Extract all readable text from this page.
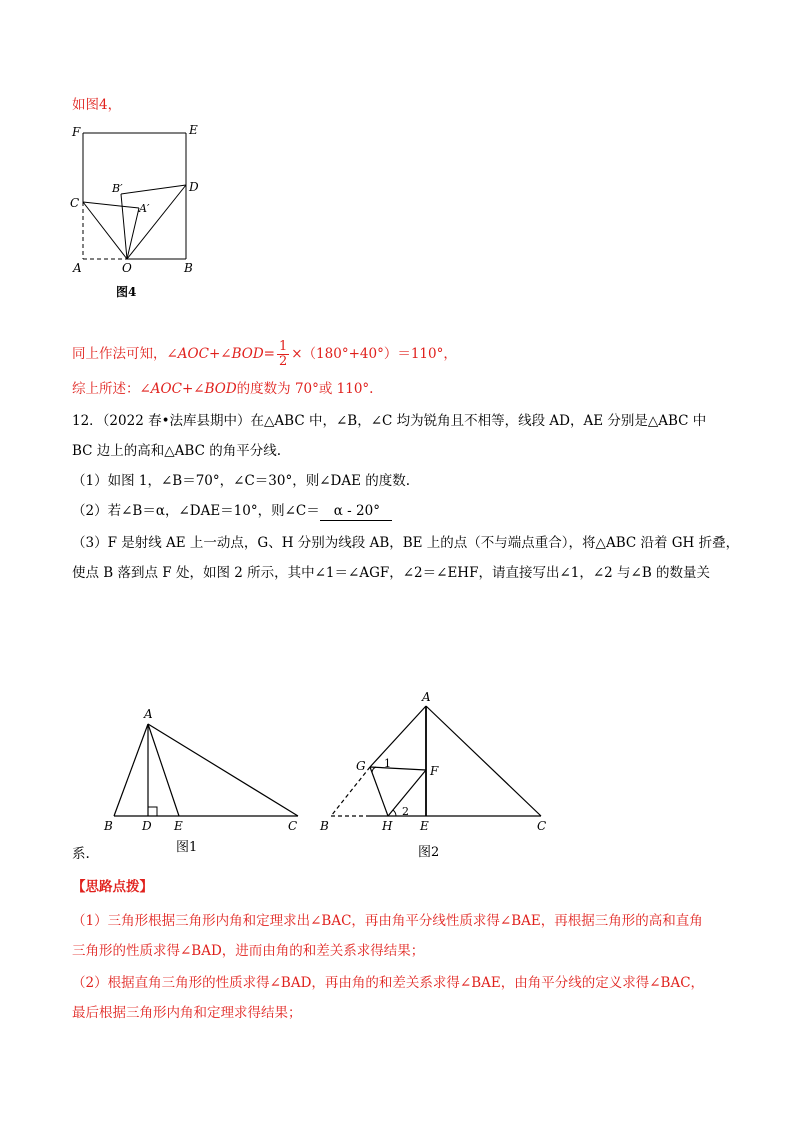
如图4，
F	E
C
D
B′
A′
A	O	B
图4
同上作法可知，∠AOC+∠BOD= $\frac{1}{2} \times(180^\circ+40^\circ)=110^\circ$，
综上所述：∠AOC+∠BOD的度数为 70°或 110°.
12．（2022 春•法库县期中）在△ABC 中，∠B，∠C 均为锐角且不相等，线段 AD，AE 分别是△ABC 中
BC 边上的高和△ABC 的角平分线.
（1）如图 1，∠B＝70°，∠C＝30°，则∠DAE 的度数.
（2）若∠B＝α，∠DAE＝10°，则∠C＝ α - 20°
（3）F 是射线 AE 上一动点，G、H 分别为线段 AB，BE 上的点（不与端点重合），将△ABC 沿着 GH 折叠，
使点 B 落到点 F 处，如图 2 所示，其中∠1＝∠AGF，∠2＝∠EHF，请直接写出∠1，∠2 与∠B 的数量关
A
B D E	C
图1
A
G	F
B	H E	C
1
2
图2
系.
【思路点拨】
（1）三角形根据三角形内角和定理求出∠BAC，再由角平分线性质求得∠BAE，再根据三角形的高和直角
三角形的性质求得∠BAD，进而由角的和差关系求得结果；
（2）根据直角三角形的性质求得∠BAD，再由角的和差关系求得∠BAE，由角平分线的定义求得∠BAC，
最后根据三角形内角和定理求得结果；
